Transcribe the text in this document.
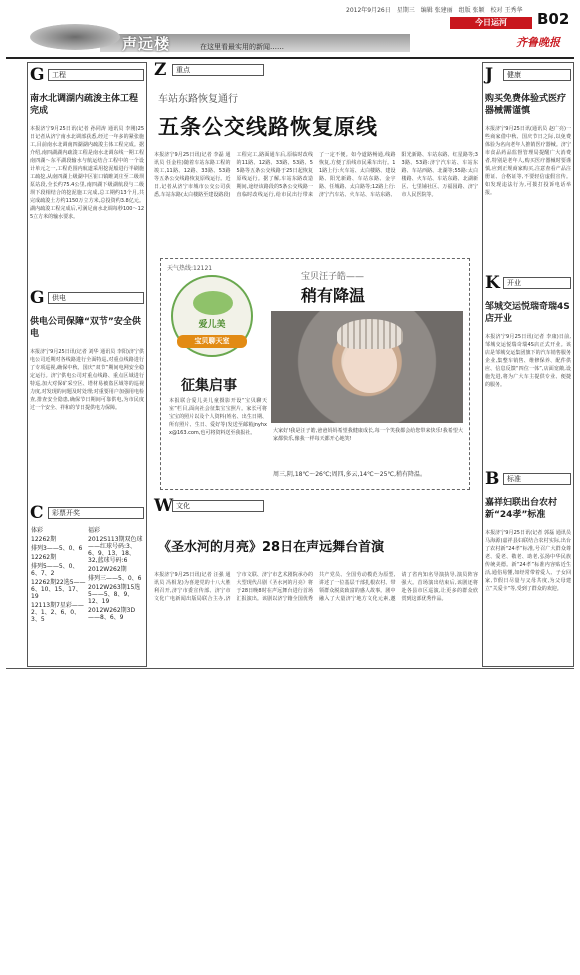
2012年9月26日　星期三　编辑 张建丽　组版 张颖　校对 王秀华 B02
今日运河
齐鲁晚报
声远楼	在这里看最实用的新闻……
G	工程
南水北调湖内疏浚主体工程完成
本报济宁9月25日讯(记者 孙同涛 通讯员 李刚)25日记者从济宁南水北调部获悉,经过一年多的紧张施工,目前南水北调南四湖湖内疏浚主体工程完成。据介绍,南四湖湖内疏浚工程是南水北调东线一期工程南四湖～东平湖段输水与航运结合工程中的一个设计单元之一,工程范围内航道采用挖泥船进行半刷施工疏挖,从南四湖上级湖中区崔口镇睢刘庄至二级坝泵站段,全长约75.4公里,南四湖下级湖航段与二级坝下段相结合的挖泥施工完成,总工期约13个月,共完成疏浚土方约1150万立方米,总投资约3.8亿元。湖内疏浚工程完成后,可满足南水北调每秒100～125立方米的输水要求。
G	供电
供电公司保障“双节”安全供电
本报济宁9月25日讯(记者 刘华 通讯员 李阳)济宁供电公司近期对各线路进行全面特巡,对重点线路进行了专项巡视,确保中秋、国庆“双节”期间电网安全稳定运行。济宁供电公司对重点线路、重点区域进行特巡,加大对保矿采空区、塔材易被盗区域等的巡视力度,对发现的问题及时处理;对重要用户加强用电检查,排查安全隐患,确保节日期间可靠供电,为市民度过一个安全、祥和的节日提供电力保障。
C	彩票开奖
体彩
12262期
排列3——5、0、6
12262期
排列5——5、0、6、7、2
12262期22选5——6、10、15、17、19
12113期7星彩——2、1、2、6、0、3、5

福彩
2012S113期双色球——红球号码:3、6、9、13、18、32,蓝球号码:6
2012W262期
排列三——5、0、6
2012W263期15选5——5、8、9、12、19
2012W262期3D——8、6、9
Z	重点
车站东路恢复通行
五条公交线路恢复原线
本报济宁9月25日讯(记者 李磊 通讯员 任金柱)随着车站东路工程的竣工,11路、12路、33路、53路等五条公交线路恢复原线运行。近日,记者从济宁市城市公交公司获悉,车站东路(太白楼路至建设路段)工程完工,路面通车后,原临时改线的11路、12路、33路、53路、55路等五条公交线路于25日起恢复原线运行。据了解,车站东路改造期间,途经该路段的5条公交线路一直临时改线运行,给市民出行带来了一定不便。如今道路畅通,线路恢复,方便了沿线市民乘车出行。11路上行:火车站、太白楼路、建设路、阳光新路、车站东路、金宇路、任城路、太白路等;12路上行:济宁汽车站、火车站、车站东路、阳光新路、车站东路、红星路等;33路、53路:济宁汽车站、车站东路、车站西路、北湖等;55路:太白楼路、火车站、车站东路、北湖新区、七里铺社区、万福园路、济宁市人民医院等。
天气热线:12121
爱儿美
宝贝聊天室
征集启事
本报联合爱儿美儿童摄影开设“宝贝聊天室”栏目,面向社会征集宝宝照片。家长可将宝宝的照片以及个人资料(姓名、出生日期、所有照片、生日、爱好等)发送至邮箱jnyhxx@163.com,也可将资料送至我报社。
宝贝汪子皓——
稍有降温
大家好!我是汪子皓,爸爸妈妈希望我健康成长,每一个笑我都会给您带来快乐!我希望大家都快乐,像我一样每天都开心地笑!
周三,阴,18℃～26℃;周四,多云,14℃～25℃,稍有降温。
W 文化
《圣水河的月亮》28日在声远舞台首演
本报济宁9月25日讯(记者 汪强 通讯员 冯相龙)为喜迎党的十八大胜利召开,济宁市委宣传部、济宁市文化广电新闻出版局联合主办,济宁市文联、济宁市艺术剧院承办的大型现代吕剧《圣水河的月亮》将于28日晚8时在声远舞台进行首场汇报演出。该剧以济宁籍全国优秀共产党员、全国劳动模范为原型,讲述了一位基层干部扎根农村、带领群众脱贫致富的感人故事。剧中融入了大量济宁地方文化元素,邀请了省内知名导演执导,演员阵容强大。首场演出结束后,该剧还将赴各县市区巡演,让更多的群众欣赏到这部优秀作品。
J	健康
购买免费体验式医疗器械需谨慎
本报济宁9月25日讯(通讯员 赵广亮)一些商家借中秋、国庆节日之际,以免费体验为名向老年人推销医疗器械。济宁市食品药品监督管理局提醒广大消费者,特别是老年人,购买医疗器械时要谨慎,应到正规商家购买,注意查看产品注册证、合格证等,不要轻信虚假宣传。如发现违法行为,可拨打投诉电话举报。
K	开业
邹城交运悦瑞奇瑞4S店开业
本报济宁9月25日讯(记者 李康)日前,邹城交运悦瑞奇瑞4S店正式开业。该店是邹城交运集团旗下的汽车销售服务企业,集整车销售、维修保养、配件供应、信息反馈“四位一体”,店面宽敞,设施先进,将为广大车主提供专业、便捷的服务。
B	标准
嘉祥妇联出台农村新“24孝”标准
本报济宁9月25日讯(记者 郭磊 通讯员 马海源)嘉祥县妇联结合农村实际,出台了农村新“24孝”标准,号召广大群众尊老、爱老、敬老、助老,弘扬中华民族传统美德。新“24孝”标准内容贴近生活,通俗易懂,如经常带着爱人、子女回家,节假日尽量与父母共度,为父母建立“关爱卡”等,受到了群众的欢迎。
